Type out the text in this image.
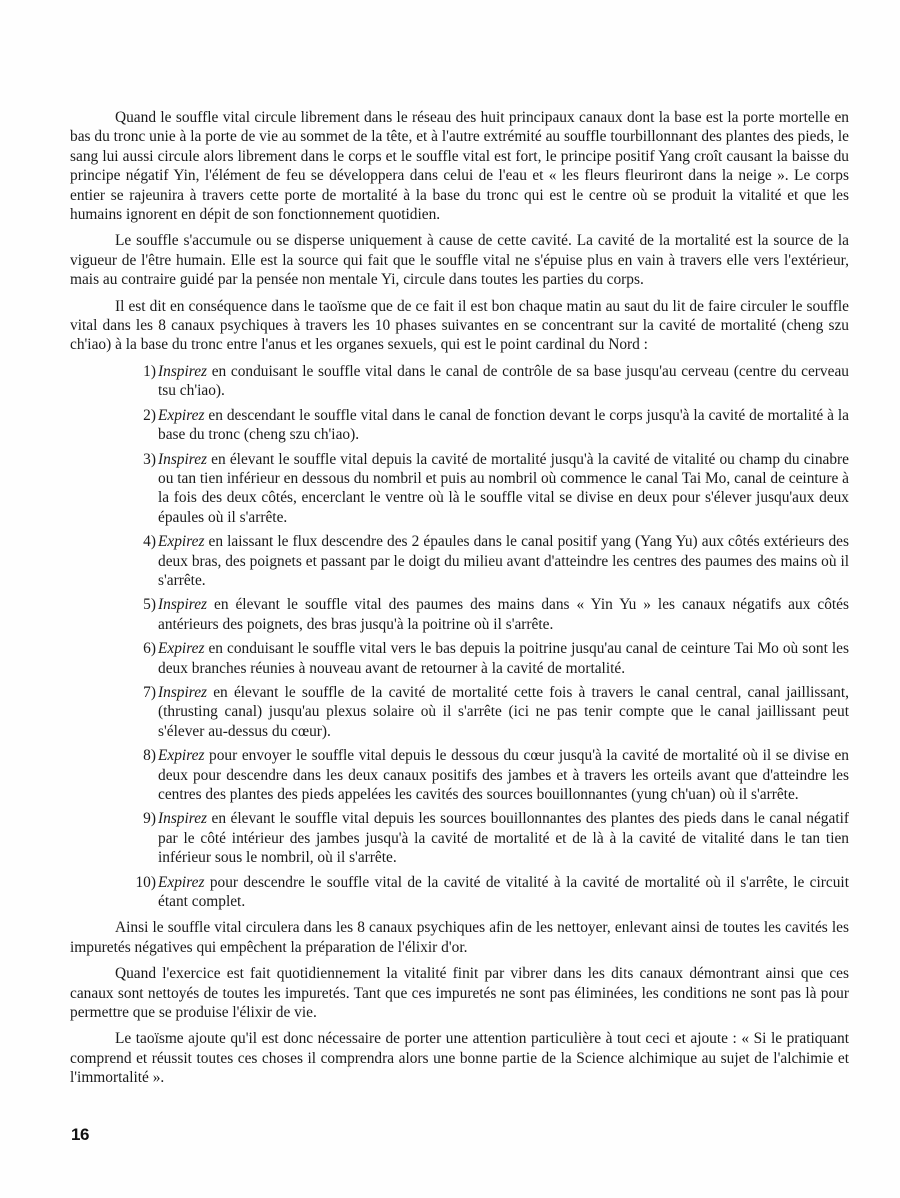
Quand le souffle vital circule librement dans le réseau des huit principaux canaux dont la base est la porte mortelle en bas du tronc unie à la porte de vie au sommet de la tête, et à l'autre extrémité au souffle tourbillonnant des plantes des pieds, le sang lui aussi circule alors librement dans le corps et le souffle vital est fort, le principe positif Yang croît causant la baisse du principe négatif Yin, l'élément de feu se développera dans celui de l'eau et « les fleurs fleuriront dans la neige ». Le corps entier se rajeunira à travers cette porte de mortalité à la base du tronc qui est le centre où se produit la vitalité et que les humains ignorent en dépit de son fonctionnement quotidien.

Le souffle s'accumule ou se disperse uniquement à cause de cette cavité. La cavité de la mortalité est la source de la vigueur de l'être humain. Elle est la source qui fait que le souffle vital ne s'épuise plus en vain à travers elle vers l'extérieur, mais au contraire guidé par la pensée non mentale Yi, circule dans toutes les parties du corps.

Il est dit en conséquence dans le taoïsme que de ce fait il est bon chaque matin au saut du lit de faire circuler le souffle vital dans les 8 canaux psychiques à travers les 10 phases suivantes en se concentrant sur la cavité de mortalité (cheng szu ch'iao) à la base du tronc entre l'anus et les organes sexuels, qui est le point cardinal du Nord :

1) Inspirez en conduisant le souffle vital dans le canal de contrôle de sa base jusqu'au cerveau (centre du cerveau tsu ch'iao).
2) Expirez en descendant le souffle vital dans le canal de fonction devant le corps jusqu'à la cavité de mortalité à la base du tronc (cheng szu ch'iao).
3) Inspirez en élevant le souffle vital depuis la cavité de mortalité jusqu'à la cavité de vitalité ou champ du cinabre ou tan tien inférieur en dessous du nombril et puis au nombril où commence le canal Tai Mo, canal de ceinture à la fois des deux côtés, encerclant le ventre où là le souffle vital se divise en deux pour s'élever jusqu'aux deux épaules où il s'arrête.
4) Expirez en laissant le flux descendre des 2 épaules dans le canal positif yang (Yang Yu) aux côtés extérieurs des deux bras, des poignets et passant par le doigt du milieu avant d'atteindre les centres des paumes des mains où il s'arrête.
5) Inspirez en élevant le souffle vital des paumes des mains dans « Yin Yu » les canaux négatifs aux côtés antérieurs des poignets, des bras jusqu'à la poitrine où il s'arrête.
6) Expirez en conduisant le souffle vital vers le bas depuis la poitrine jusqu'au canal de ceinture Tai Mo où sont les deux branches réunies à nouveau avant de retourner à la cavité de mortalité.
7) Inspirez en élevant le souffle de la cavité de mortalité cette fois à travers le canal central, canal jaillissant, (thrusting canal) jusqu'au plexus solaire où il s'arrête (ici ne pas tenir compte que le canal jaillissant peut s'élever au-dessus du cœur).
8) Expirez pour envoyer le souffle vital depuis le dessous du cœur jusqu'à la cavité de mortalité où il se divise en deux pour descendre dans les deux canaux positifs des jambes et à travers les orteils avant que d'atteindre les centres des plantes des pieds appelées les cavités des sources bouillonnantes (yung ch'uan) où il s'arrête.
9) Inspirez en élevant le souffle vital depuis les sources bouillonnantes des plantes des pieds dans le canal négatif par le côté intérieur des jambes jusqu'à la cavité de mortalité et de là à la cavité de vitalité dans le tan tien inférieur sous le nombril, où il s'arrête.
10) Expirez pour descendre le souffle vital de la cavité de vitalité à la cavité de mortalité où il s'arrête, le circuit étant complet.

Ainsi le souffle vital circulera dans les 8 canaux psychiques afin de les nettoyer, enlevant ainsi de toutes les cavités les impuretés négatives qui empêchent la préparation de l'élixir d'or.

Quand l'exercice est fait quotidiennement la vitalité finit par vibrer dans les dits canaux démontrant ainsi que ces canaux sont nettoyés de toutes les impuretés. Tant que ces impuretés ne sont pas éliminées, les conditions ne sont pas là pour permettre que se produise l'élixir de vie.

Le taoïsme ajoute qu'il est donc nécessaire de porter une attention particulière à tout ceci et ajoute : « Si le pratiquant comprend et réussit toutes ces choses il comprendra alors une bonne partie de la Science alchimique au sujet de l'alchimie et l'immortalité ».

16
